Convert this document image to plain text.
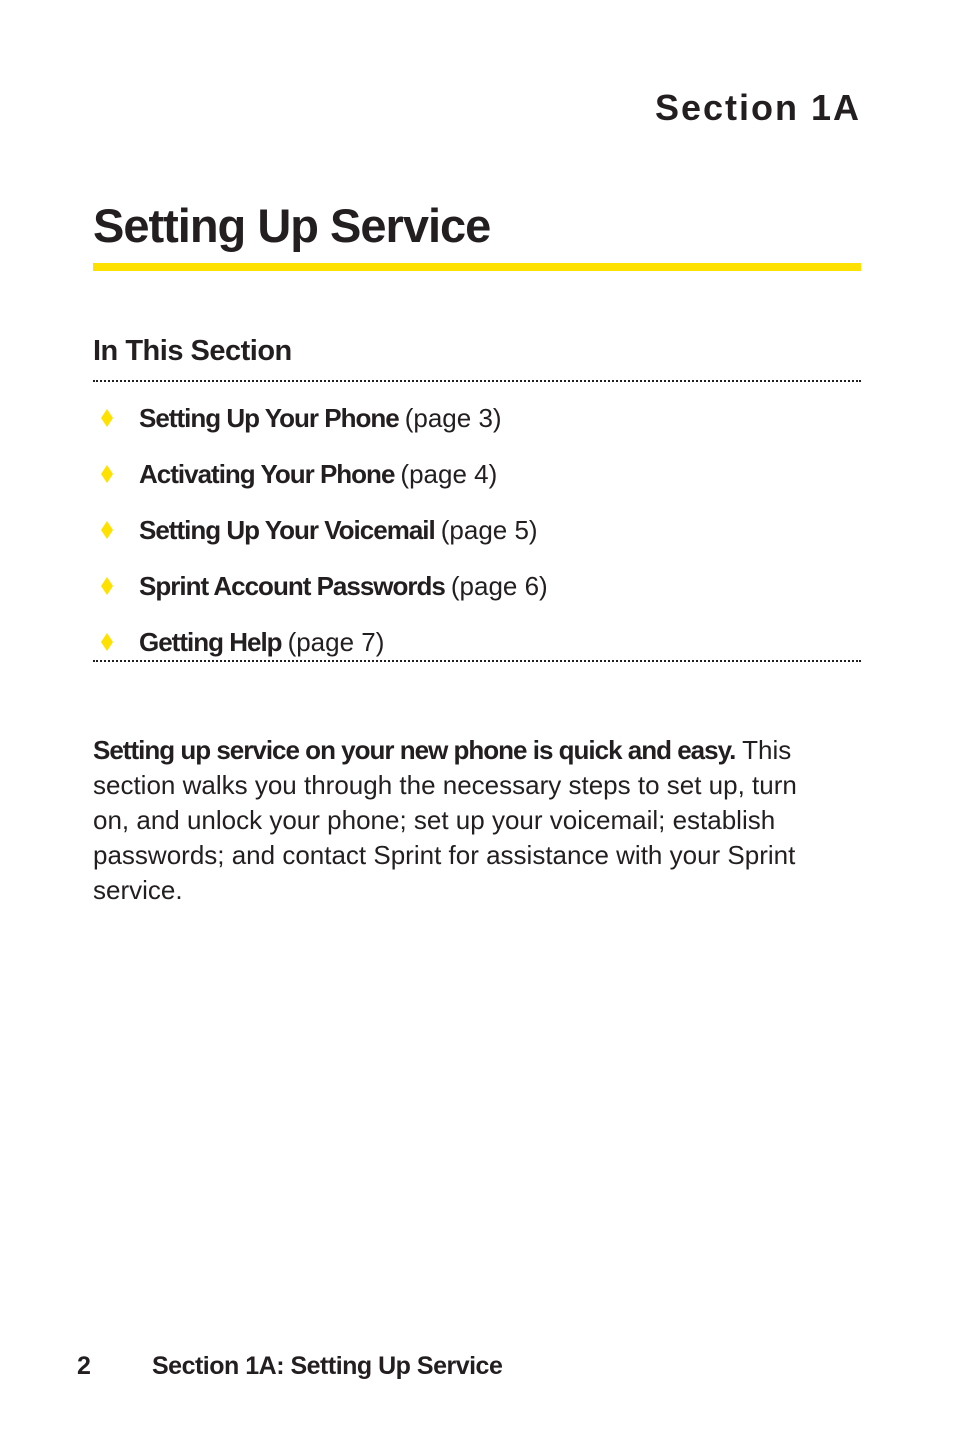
Section 1A
Setting Up Service
In This Section
Setting Up Your Phone (page 3)
Activating Your Phone (page 4)
Setting Up Your Voicemail (page 5)
Sprint Account Passwords (page 6)
Getting Help (page 7)

Setting up service on your new phone is quick and easy. This section walks you through the necessary steps to set up, turn on, and unlock your phone; set up your voicemail; establish passwords; and contact Sprint for assistance with your Sprint service.

2	Section 1A: Setting Up Service
